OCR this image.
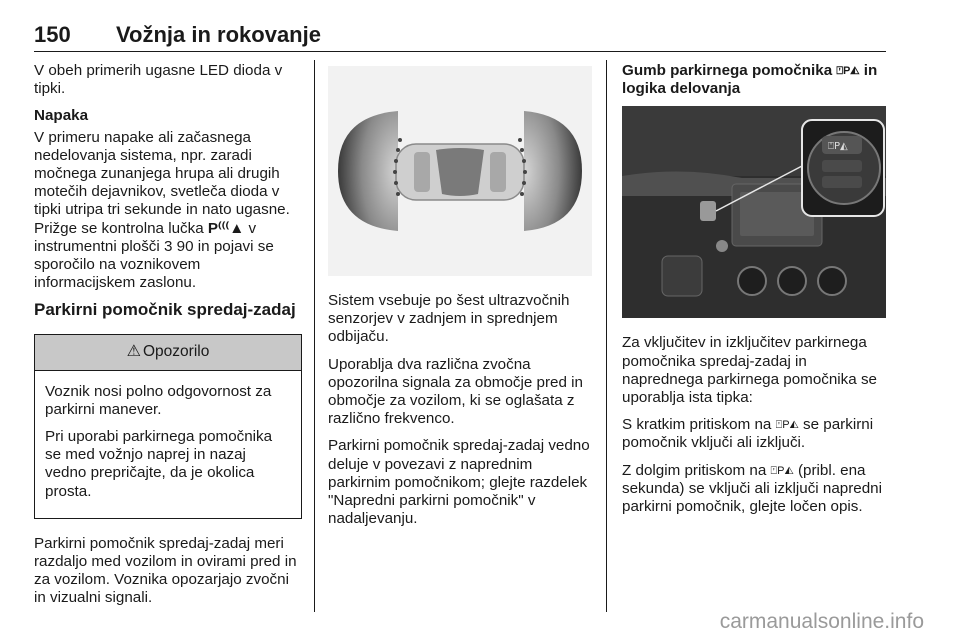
150 Vožnja in rokovanje
V obeh primerih ugasne LED dioda v tipki.
Napaka
V primeru napake ali začasnega nedelovanja sistema, npr. zaradi močnega zunanjega hrupa ali drugih motečih dejavnikov, svetleča dioda v tipki utripa tri sekunde in nato ugasne. Prižge se kontrolna lučka P⁽⁽⁽▲ v instrumentni plošči 3 90 in pojavi se sporočilo na voznikovem informacijskem zaslonu.
Parkirni pomočnik spredaj-zadaj
⚠ Opozorilo
Voznik nosi polno odgovornost za parkirni manever.
Pri uporabi parkirnega pomočnika se med vožnjo naprej in nazaj vedno prepričajte, da je okolica prosta.
Parkirni pomočnik spredaj-zadaj meri razdaljo med vozilom in ovirami pred in za vozilom. Voznika opozarjajo zvočni in vizualni signali.
Sistem vsebuje po šest ultrazvočnih senzorjev v zadnjem in sprednjem odbijaču.
Uporablja dva različna zvočna opozorilna signala za območje pred in območje za vozilom, ki se oglašata z različno frekvenco.
Parkirni pomočnik spredaj-zadaj vedno deluje v povezavi z naprednim parkirnim pomočnikom; glejte razdelek "Napredni parkirni pomočnik" v nadaljevanju.
Gumb parkirnega pomočnika ⍞P◭ in logika delovanja
⍞P◭
Za vključitev in izključitev parkirnega pomočnika spredaj-zadaj in naprednega parkirnega pomočnika se uporablja ista tipka:
S kratkim pritiskom na ⍞P◭ se parkirni pomočnik vključi ali izključi.
Z dolgim pritiskom na ⍞P◭ (pribl. ena sekunda) se vključi ali izključi napredni parkirni pomočnik, glejte ločen opis.
carmanualsonline.info
